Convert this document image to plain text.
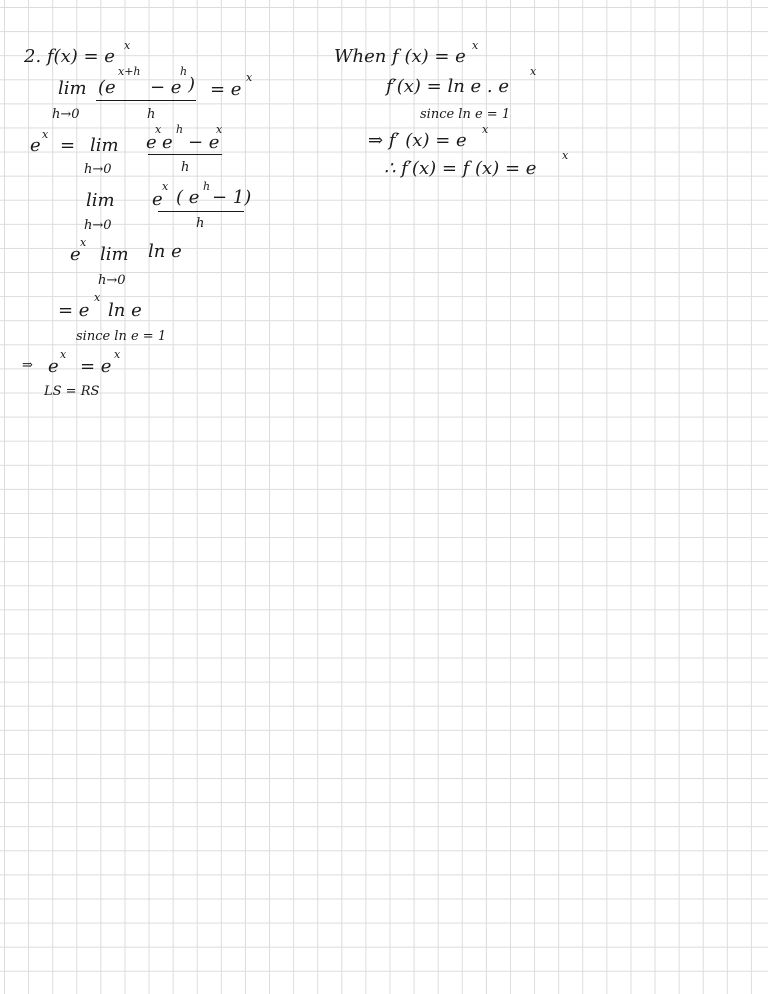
2. f(x) = e
x
lim (e
x+h
− e
h
) = e
x
h→0	h
e
x
= lim e
x
e
h
− e
x
h→0	h
lim e
x
( e
h
− 1)
h→0	h
e
x
lim ln e
h→0
= e
x
ln e
since ln e = 1
⇒ e
x
= e
x
LS = RS
When f (x) = e
x
f′(x) = ln e . e
x
since ln e = 1
⇒ f′ (x) = e
x
∴ f′(x) = f (x) = e
x
